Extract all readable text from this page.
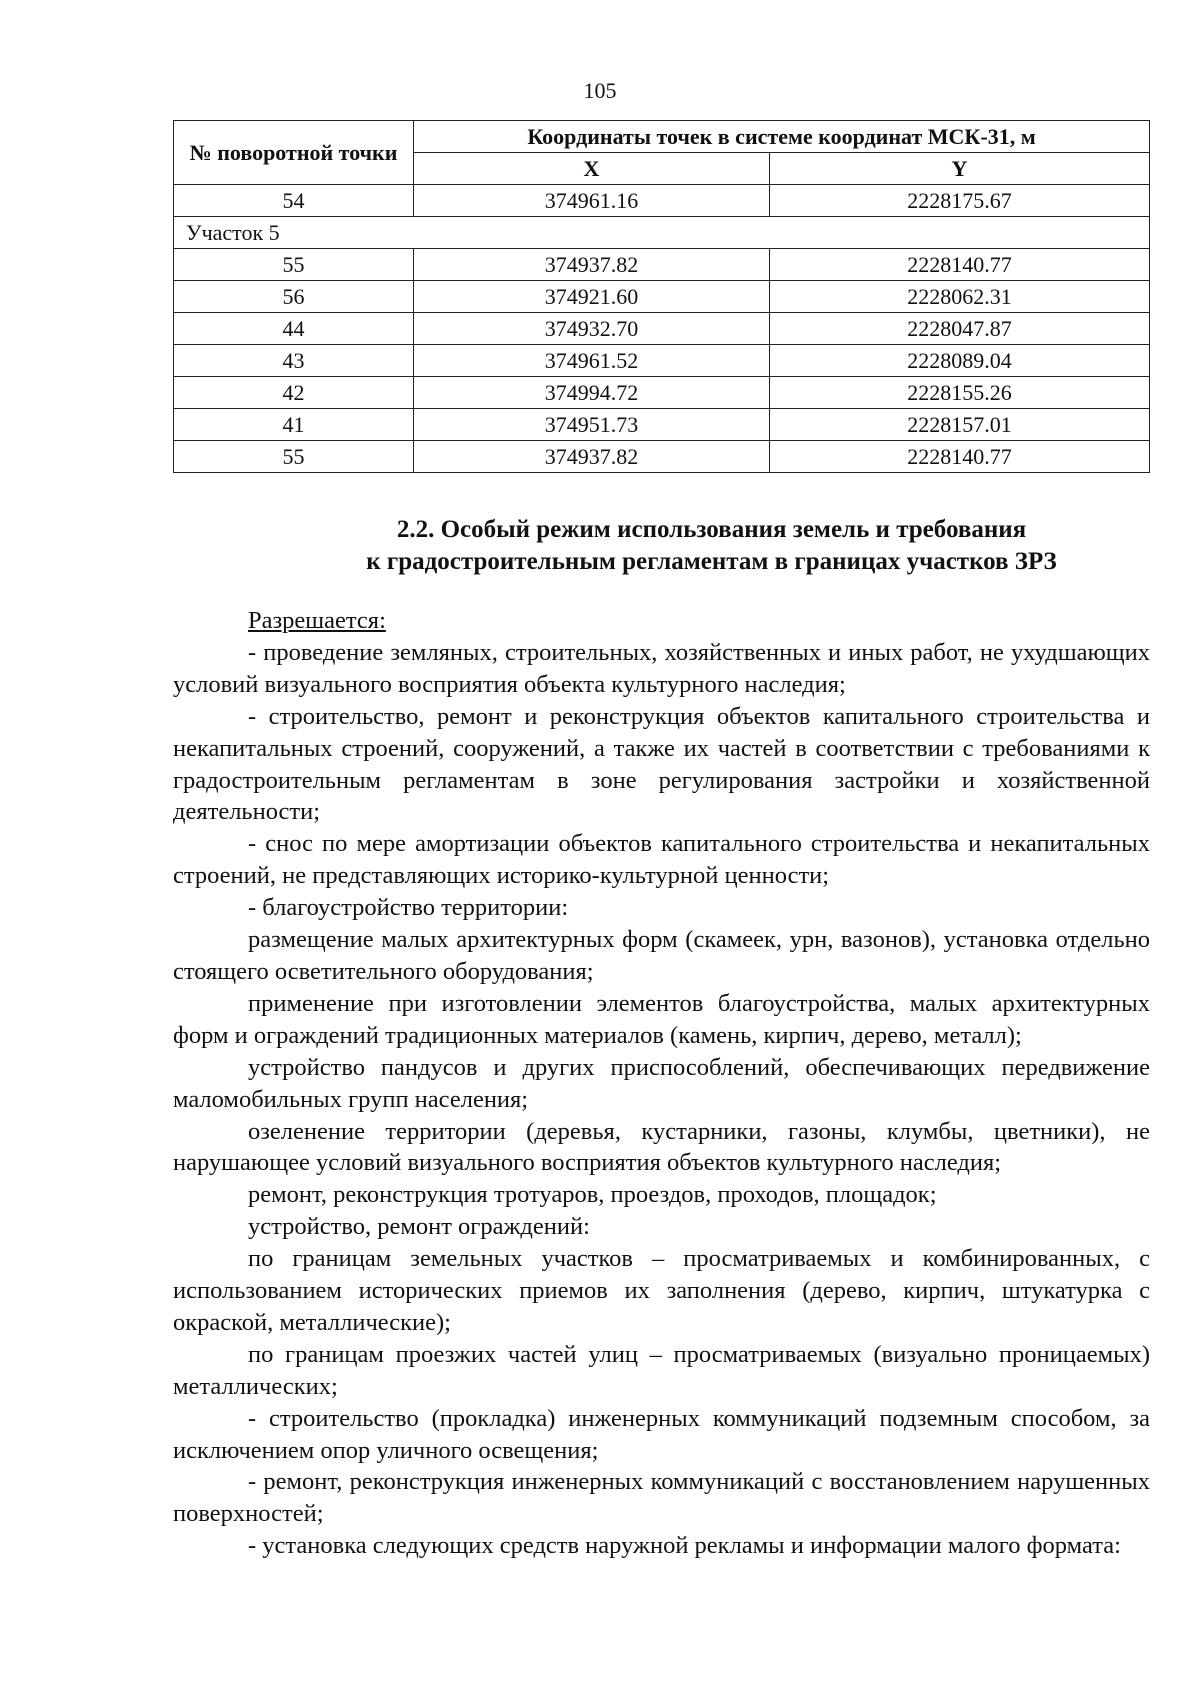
105
№ поворотной точки	Координаты точек в системе координат МСК-31, м	
	X	Y
54	374961.16	2228175.67
Участок 5		
55	374937.82	2228140.77
56	374921.60	2228062.31
44	374932.70	2228047.87
43	374961.52	2228089.04
42	374994.72	2228155.26
41	374951.73	2228157.01
55	374937.82	2228140.77
2.2. Особый режим использования земель и требования
к градостроительным регламентам в границах участков ЗРЗ

Разрешается:

- проведение земляных, строительных, хозяйственных и иных работ, не ухудшающих условий визуального восприятия объекта культурного наследия;

- строительство, ремонт и реконструкция объектов капитального строительства и некапитальных строений, сооружений, а также их частей в соответствии с требованиями к градостроительным регламентам в зоне регулирования застройки и хозяйственной деятельности;

- снос по мере амортизации объектов капитального строительства и некапитальных строений, не представляющих историко-культурной ценности;

- благоустройство территории:

размещение малых архитектурных форм (скамеек, урн, вазонов), установка отдельно стоящего осветительного оборудования;

применение при изготовлении элементов благоустройства, малых архитектурных форм и ограждений традиционных материалов (камень, кирпич, дерево, металл);

устройство пандусов и других приспособлений, обеспечивающих передвижение маломобильных групп населения;

озеленение территории (деревья, кустарники, газоны, клумбы, цветники), не нарушающее условий визуального восприятия объектов культурного наследия;

ремонт, реконструкция тротуаров, проездов, проходов, площадок;

устройство, ремонт ограждений:

по границам земельных участков – просматриваемых и комбинированных, с использованием исторических приемов их заполнения (дерево, кирпич, штукатурка с окраской, металлические);

по границам проезжих частей улиц – просматриваемых (визуально проницаемых) металлических;

- строительство (прокладка) инженерных коммуникаций подземным способом, за исключением опор уличного освещения;

- ремонт, реконструкция инженерных коммуникаций с восстановлением нарушенных поверхностей;

- установка следующих средств наружной рекламы и информации малого формата:
